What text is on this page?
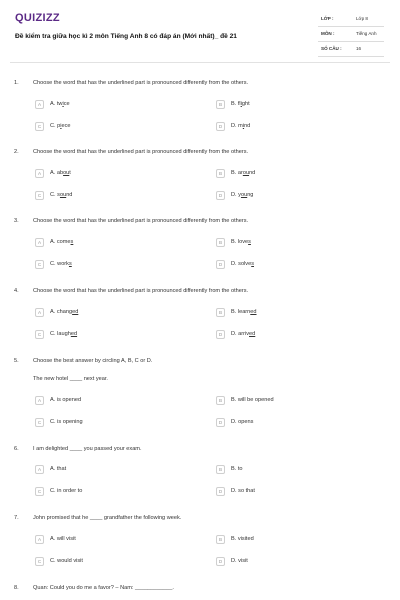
QUIZIZZ
Đề kiểm tra giữa học kì 2 môn Tiếng Anh 8 có đáp án (Mới nhất)_ đề 21
LỚP :	Lớp 8
MÔN :	Tiếng Anh
SỐ CÂU :	16
1.	Choose the word that has the underlined part is pronounced differently from the others.
A	A. twice	B	B. flight
C	C. piece	D	D. mind
2.	Choose the word that has the underlined part is pronounced differently from the others.
A	A. about	B	B. around
C	C. sound	D	D. young
3.	Choose the word that has the underlined part is pronounced differently from the others.
A	A. comes	B	B. loves
C	C. works	D	D. solves
4.	Choose the word that has the underlined part is pronounced differently from the others.
A	A. changed	B	B. learned
C	C. laughed	D	D. arrived
5.	Choose the best answer by circling A, B, C or D.
The new hotel ____ next year.
A	A. is opened	B	B. will be opened
C	C. is opening	D	D. opens
6.	I am delighted ____ you passed your exam.
A	A. that	B	B. to
C	C. in order to	D	D. so that
7.	John promised that he ____ grandfather the following week.
A	A. will visit	B	B. visited
C	C. would visit	D	D. visit
8.	Quan: Could you do me a favor? – Nam: ____________.
